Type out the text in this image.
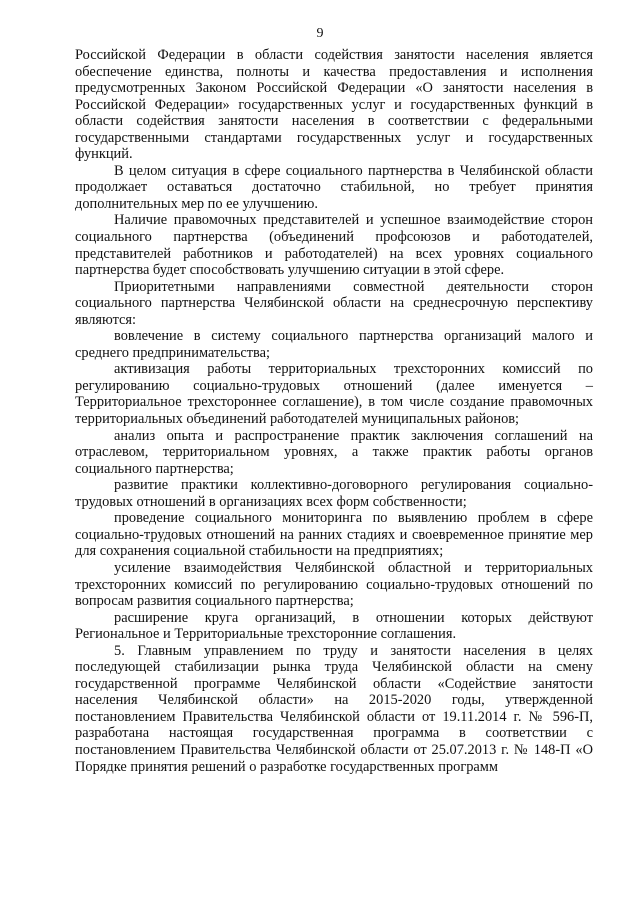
9

Российской Федерации в области содействия занятости населения является обеспечение единства, полноты и качества предоставления и исполнения предусмотренных Законом Российской Федерации «О занятости населения в Российской Федерации» государственных услуг и государственных функций в области содействия занятости населения в соответствии с федеральными государственными стандартами государственных услуг и государственных функций.

В целом ситуация в сфере социального партнерства в Челябинской области продолжает оставаться достаточно стабильной, но требует принятия дополнительных мер по ее улучшению.

Наличие правомочных представителей и успешное взаимодействие сторон социального партнерства (объединений профсоюзов и работодателей, представителей работников и работодателей) на всех уровнях социального партнерства будет способствовать улучшению ситуации в этой сфере.

Приоритетными направлениями совместной деятельности сторон социального партнерства Челябинской области на среднесрочную перспективу являются:

вовлечение в систему социального партнерства организаций малого и среднего предпринимательства;

активизация работы территориальных трехсторонних комиссий по регулированию социально-трудовых отношений (далее именуется – Территориальное трехстороннее соглашение), в том числе создание правомочных территориальных объединений работодателей муниципальных районов;

анализ опыта и распространение практик заключения соглашений на отраслевом, территориальном уровнях, а также практик работы органов социального партнерства;

развитие практики коллективно-договорного регулирования социально-трудовых отношений в организациях всех форм собственности;

проведение социального мониторинга по выявлению проблем в сфере социально-трудовых отношений на ранних стадиях и своевременное принятие мер для сохранения социальной стабильности на предприятиях;

усиление взаимодействия Челябинской областной и территориальных трехсторонних комиссий по регулированию социально-трудовых отношений по вопросам развития социального партнерства;

расширение круга организаций, в отношении которых действуют Региональное и Территориальные трехсторонние соглашения.

5. Главным управлением по труду и занятости населения в целях последующей стабилизации рынка труда Челябинской области на смену государственной программе Челябинской области «Содействие занятости населения Челябинской области» на 2015-2020 годы, утвержденной постановлением Правительства Челябинской области от 19.11.2014 г. № 596-П, разработана настоящая государственная программа в соответствии с постановлением Правительства Челябинской области от 25.07.2013 г. № 148-П «О Порядке принятия решений о разработке государственных программ
